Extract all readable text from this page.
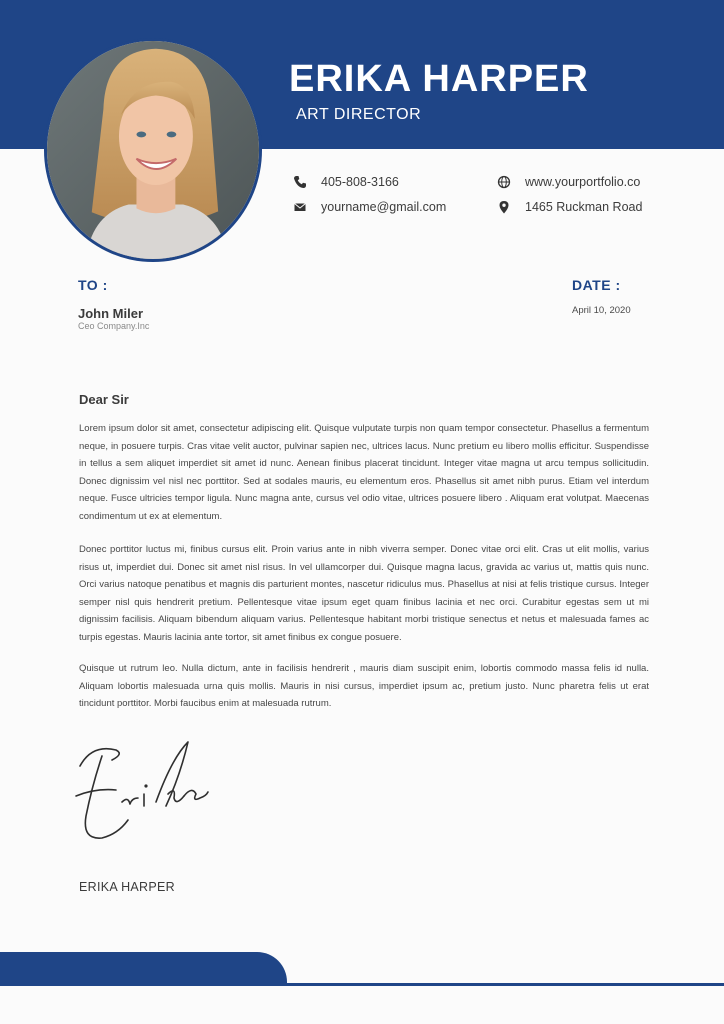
ERIKA HARPER
ART DIRECTOR
405-808-3166
yourname@gmail.com
www.yourportfolio.co
1465 Ruckman Road
TO :
John Miler
Ceo Company.Inc
DATE :
April 10, 2020
Dear Sir

Lorem ipsum dolor sit amet, consectetur adipiscing elit. Quisque vulputate turpis non quam tempor consectetur. Phasellus a fermentum neque, in posuere turpis. Cras vitae velit auctor, pulvinar sapien nec, ultrices lacus. Nunc pretium eu libero mollis efficitur. Suspendisse in tellus a sem aliquet imperdiet sit amet id nunc. Aenean finibus placerat tincidunt. Integer vitae magna ut arcu tempus sollicitudin. Donec dignissim vel nisl nec porttitor. Sed at sodales mauris, eu elementum eros. Phasellus sit amet nibh purus. Etiam vel interdum neque. Fusce ultricies tempor ligula. Nunc magna ante, cursus vel odio vitae, ultrices posuere libero . Aliquam erat volutpat. Maecenas condimentum ut ex at elementum.

Donec porttitor luctus mi, finibus cursus elit. Proin varius ante in nibh viverra semper. Donec vitae orci elit. Cras ut elit mollis, varius risus ut, imperdiet dui. Donec sit amet nisl risus. In vel ullamcorper dui. Quisque magna lacus, gravida ac varius ut, mattis quis nunc. Orci varius natoque penatibus et magnis dis parturient montes, nascetur ridiculus mus. Phasellus at nisi at felis tristique cursus. Integer semper nisl quis hendrerit pretium. Pellentesque vitae ipsum eget quam finibus lacinia et nec orci. Curabitur egestas sem ut mi dignissim facilisis. Aliquam bibendum aliquam varius. Pellentesque habitant morbi tristique senectus et netus et malesuada fames ac turpis egestas. Mauris lacinia ante tortor, sit amet finibus ex congue posuere.

Quisque ut rutrum leo. Nulla dictum, ante in facilisis hendrerit , mauris diam suscipit enim, lobortis commodo massa felis id nulla. Aliquam lobortis malesuada urna quis mollis. Mauris in nisi cursus, imperdiet ipsum ac, pretium justo. Nunc pharetra felis ut erat tincidunt porttitor. Morbi faucibus enim at malesuada rutrum.

ERIKA HARPER
